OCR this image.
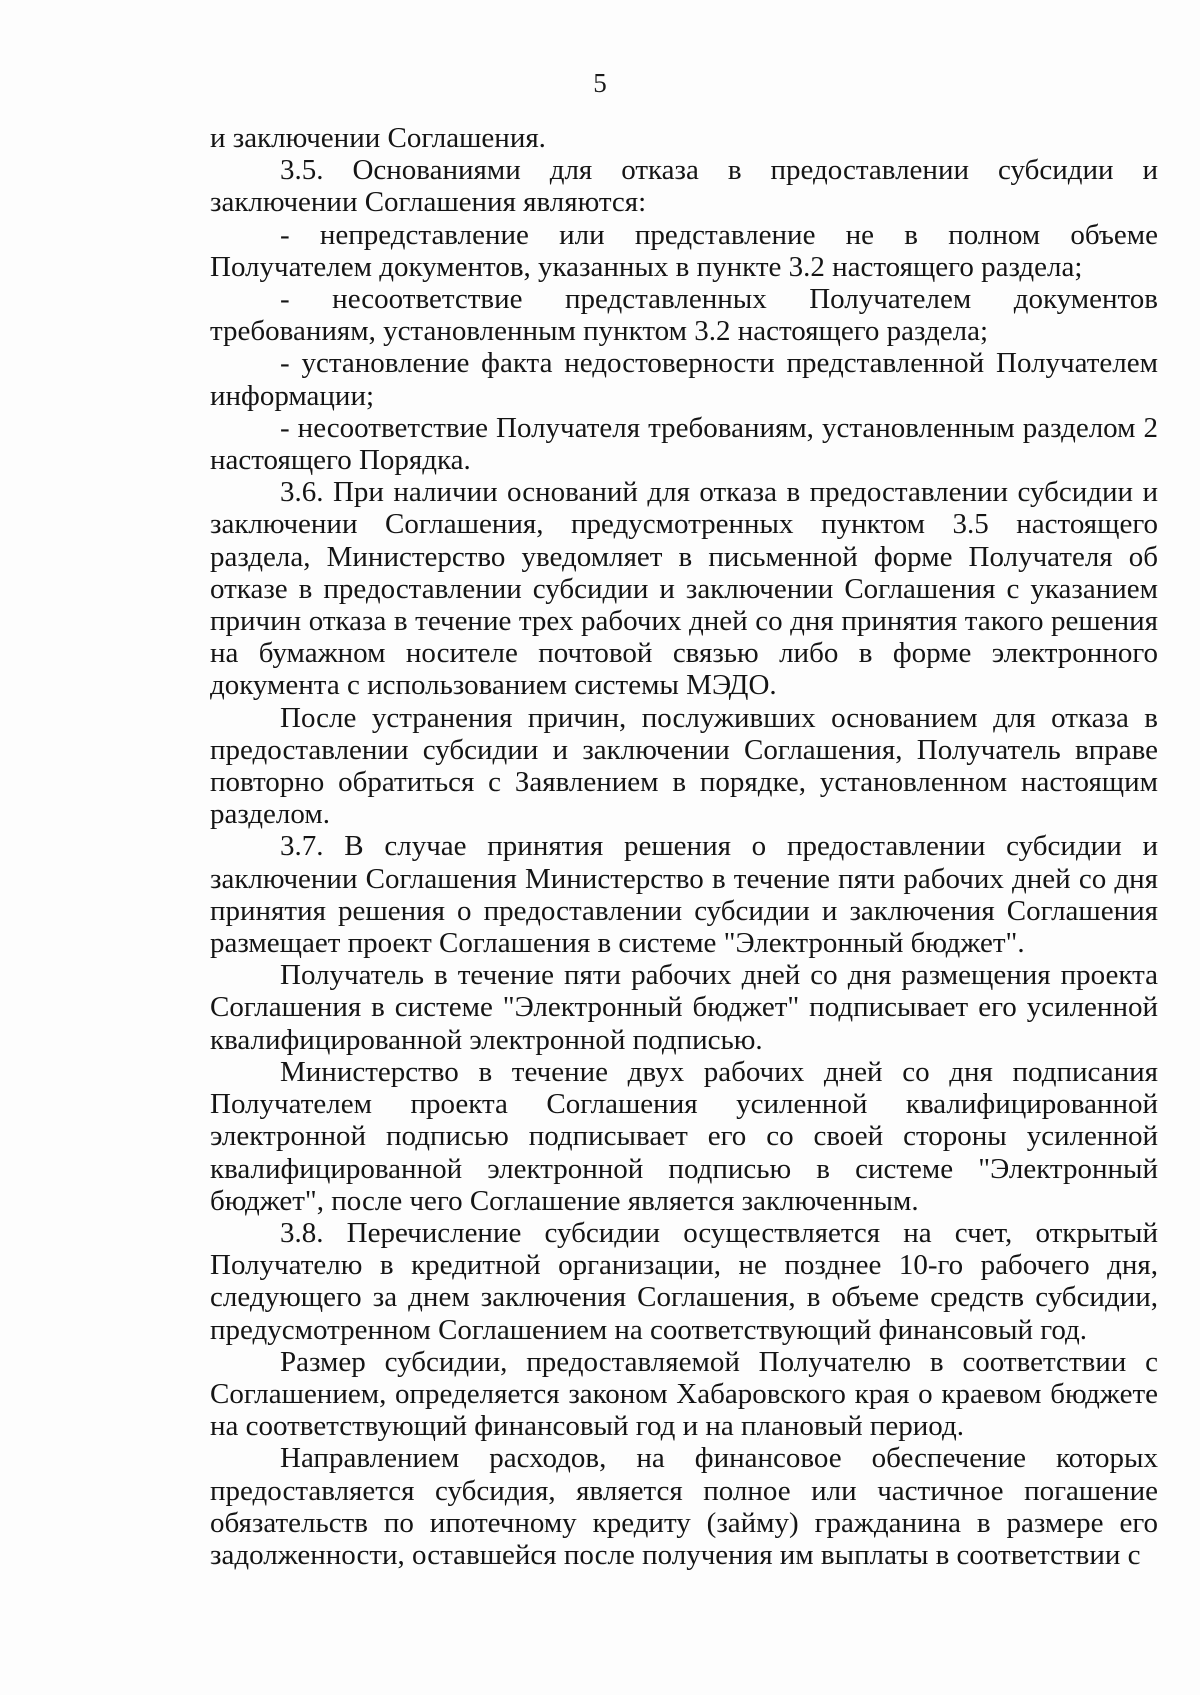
5

и заключении Соглашения.

3.5. Основаниями для отказа в предоставлении субсидии и заключении Соглашения являются:

- непредставление или представление не в полном объеме Получателем документов, указанных в пункте 3.2 настоящего раздела;

- несоответствие представленных Получателем документов требованиям, установленным пунктом 3.2 настоящего раздела;

- установление факта недостоверности представленной Получателем информации;

- несоответствие Получателя требованиям, установленным разделом 2 настоящего Порядка.

3.6. При наличии оснований для отказа в предоставлении субсидии и заключении Соглашения, предусмотренных пунктом 3.5 настоящего раздела, Министерство уведомляет в письменной форме Получателя об отказе в предоставлении субсидии и заключении Соглашения с указанием причин отказа в течение трех рабочих дней со дня принятия такого решения на бумажном носителе почтовой связью либо в форме электронного документа с использованием системы МЭДО.

После устранения причин, послуживших основанием для отказа в предоставлении субсидии и заключении Соглашения, Получатель вправе повторно обратиться с Заявлением в порядке, установленном настоящим разделом.

3.7. В случае принятия решения о предоставлении субсидии и заключении Соглашения Министерство в течение пяти рабочих дней со дня принятия решения о предоставлении субсидии и заключения Соглашения размещает проект Соглашения в системе "Электронный бюджет".

Получатель в течение пяти рабочих дней со дня размещения проекта Соглашения в системе "Электронный бюджет" подписывает его усиленной квалифицированной электронной подписью.

Министерство в течение двух рабочих дней со дня подписания Получателем проекта Соглашения усиленной квалифицированной электронной подписью подписывает его со своей стороны усиленной квалифицированной электронной подписью в системе "Электронный бюджет", после чего Соглашение является заключенным.

3.8. Перечисление субсидии осуществляется на счет, открытый Получателю в кредитной организации, не позднее 10-го рабочего дня, следующего за днем заключения Соглашения, в объеме средств субсидии, предусмотренном Соглашением на соответствующий финансовый год.

Размер субсидии, предоставляемой Получателю в соответствии с Соглашением, определяется законом Хабаровского края о краевом бюджете на соответствующий финансовый год и на плановый период.

Направлением расходов, на финансовое обеспечение которых предоставляется субсидия, является полное или частичное погашение обязательств по ипотечному кредиту (займу) гражданина в размере его задолженности, оставшейся после получения им выплаты в соответствии с
